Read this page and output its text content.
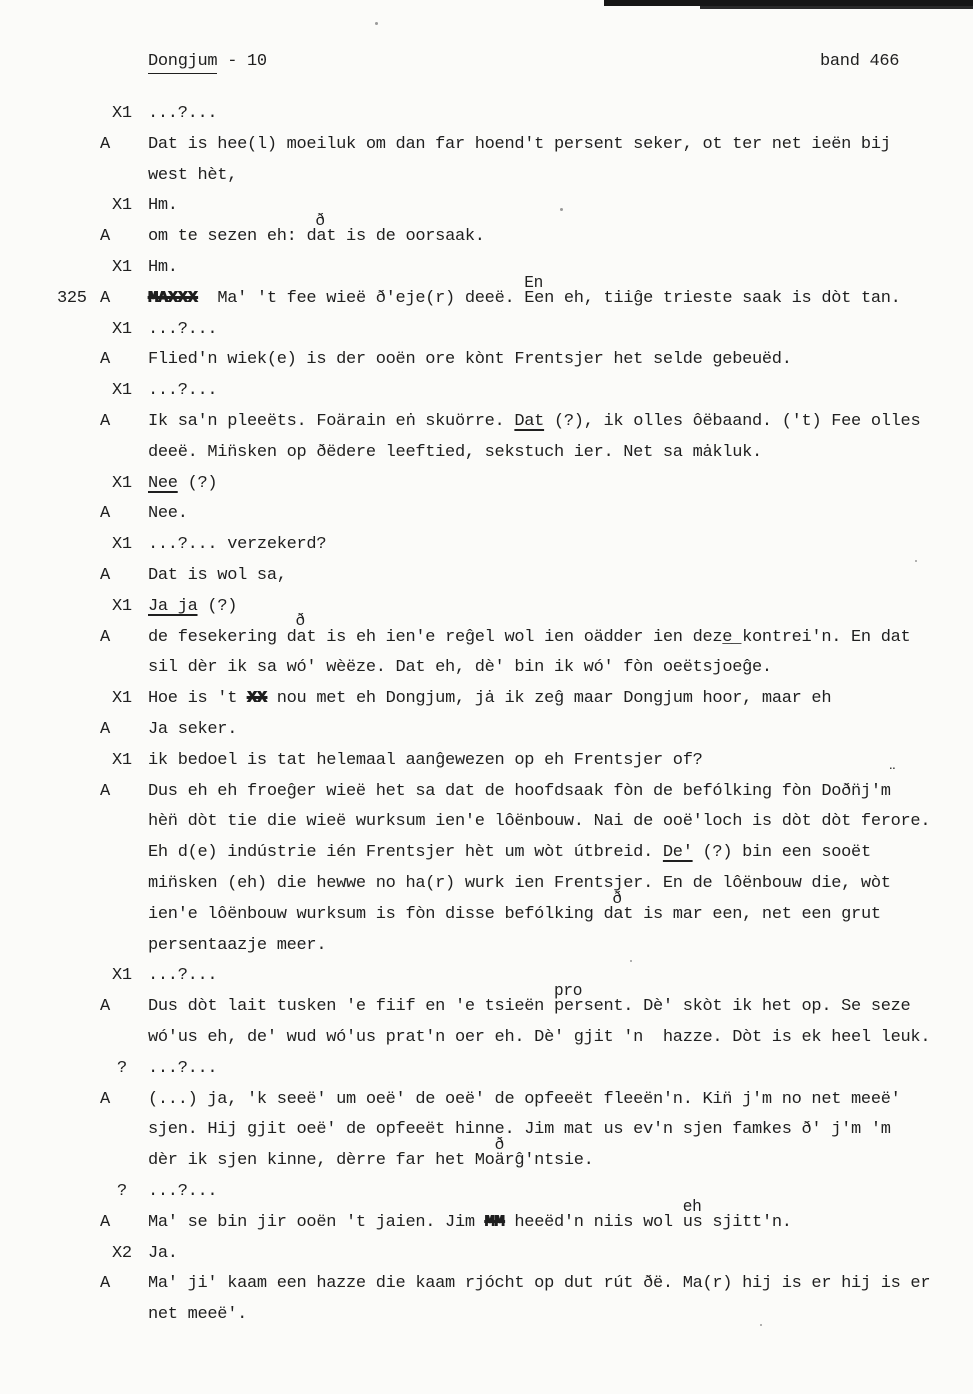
Dongjum - 10	band 466
X1 ...?...
A Dat is hee(l) moeiluk om dan far hoend't persent seker, ot ter net ieën bij
west hèt,
X1 Hm.
A om te sezen eh: dat
ð
is de oorsaak.
X1 Hm.
325 A MAXXX  Ma' 't fee wieë ð'eje(r) deeë. Een
En
eh, tiiĝe trieste saak is dòt tan.
X1 ...?...
A Flied'n wiek(e) is der ooën ore kònt Frentsjer het selde gebeuëd.
X1 ...?...
A Ik sa'n pleeëts. Foärain eṅ skuörre. Dat (?), ik olles ôëbaand. ('t) Fee olles
deeë. Min̈sken op ðëdere leeftied, sekstuch ier. Net sa mȧkluk.
X1 Nee (?)
A Nee.
X1 ...?... verzekerd?
A Dat is wol sa,
X1 Ja ja (?)
A de fesekering dat
ð
is eh ien'e reĝel wol ien oädder ien deze kontrei'n. En dat
sil dèr ik sa wó' wèëze. Dat eh, dè' bin ik wó' fòn oeëtsjoe
‾‾
ĝe.
X1 Hoe is 't XX nou met eh Dongjum, jȧ ik zeĝ maar Dongjum hoor, maar eh
A Ja seker.
X1 ik bedoel is tat helemaal aanĝewezen op eh Frentsjer of?
A Dus eh eh froeĝer wieë het sa dat de hoofdsaak fòn de befólking fòn Doðn̈j'm
¨
hèn̈ dòt tie die wieë wurksum ien'e lôënbouw. Nai de ooë'loch is dòt dòt ferore.
Eh d(e) indústrie ién Frentsjer hèt um wòt útbreid. De' (?) bin een sooët
min̈sken (eh) die hewwe no ha(r) wurk ien Frentsjer. En de lôënbouw die, wòt
ien'e lôënbouw wurksum is fòn disse befólking dat
ð
is mar een, net een grut
persentaazje meer.
X1 ...?...
A Dus dòt lait tusken 'e fiif en 'e tsieën persent
pro
. Dè' skòt ik het op. Se seze
wó'us eh, de' wud wó'us prat'n oer eh. Dè' gjit 'n  hazze. Dòt is ek heel leuk.
? ...?...
A (...) ja, 'k seeë' um oeë' de oeë' de opfeeët fleeën'n. Kin̈ j'm no net meeë'
sjen. Hij gjit oeë' de opfeeët hinne. Jim mat us ev'n sjen famkes ð' j'm 'm
dèr ik sjen kinne, dèrre far het Moärĝ'ntsie.
ð
? ...?...
A Ma' se bin jir ooën 't jaien. Jim MM heeëd'n niis wol us
eh
sjitt'n.
X2 Ja.
A Ma' ji' kaam een hazze die kaam rjócht op dut rút ðë. Ma(r) hij is er hij is er
net meeë'.
